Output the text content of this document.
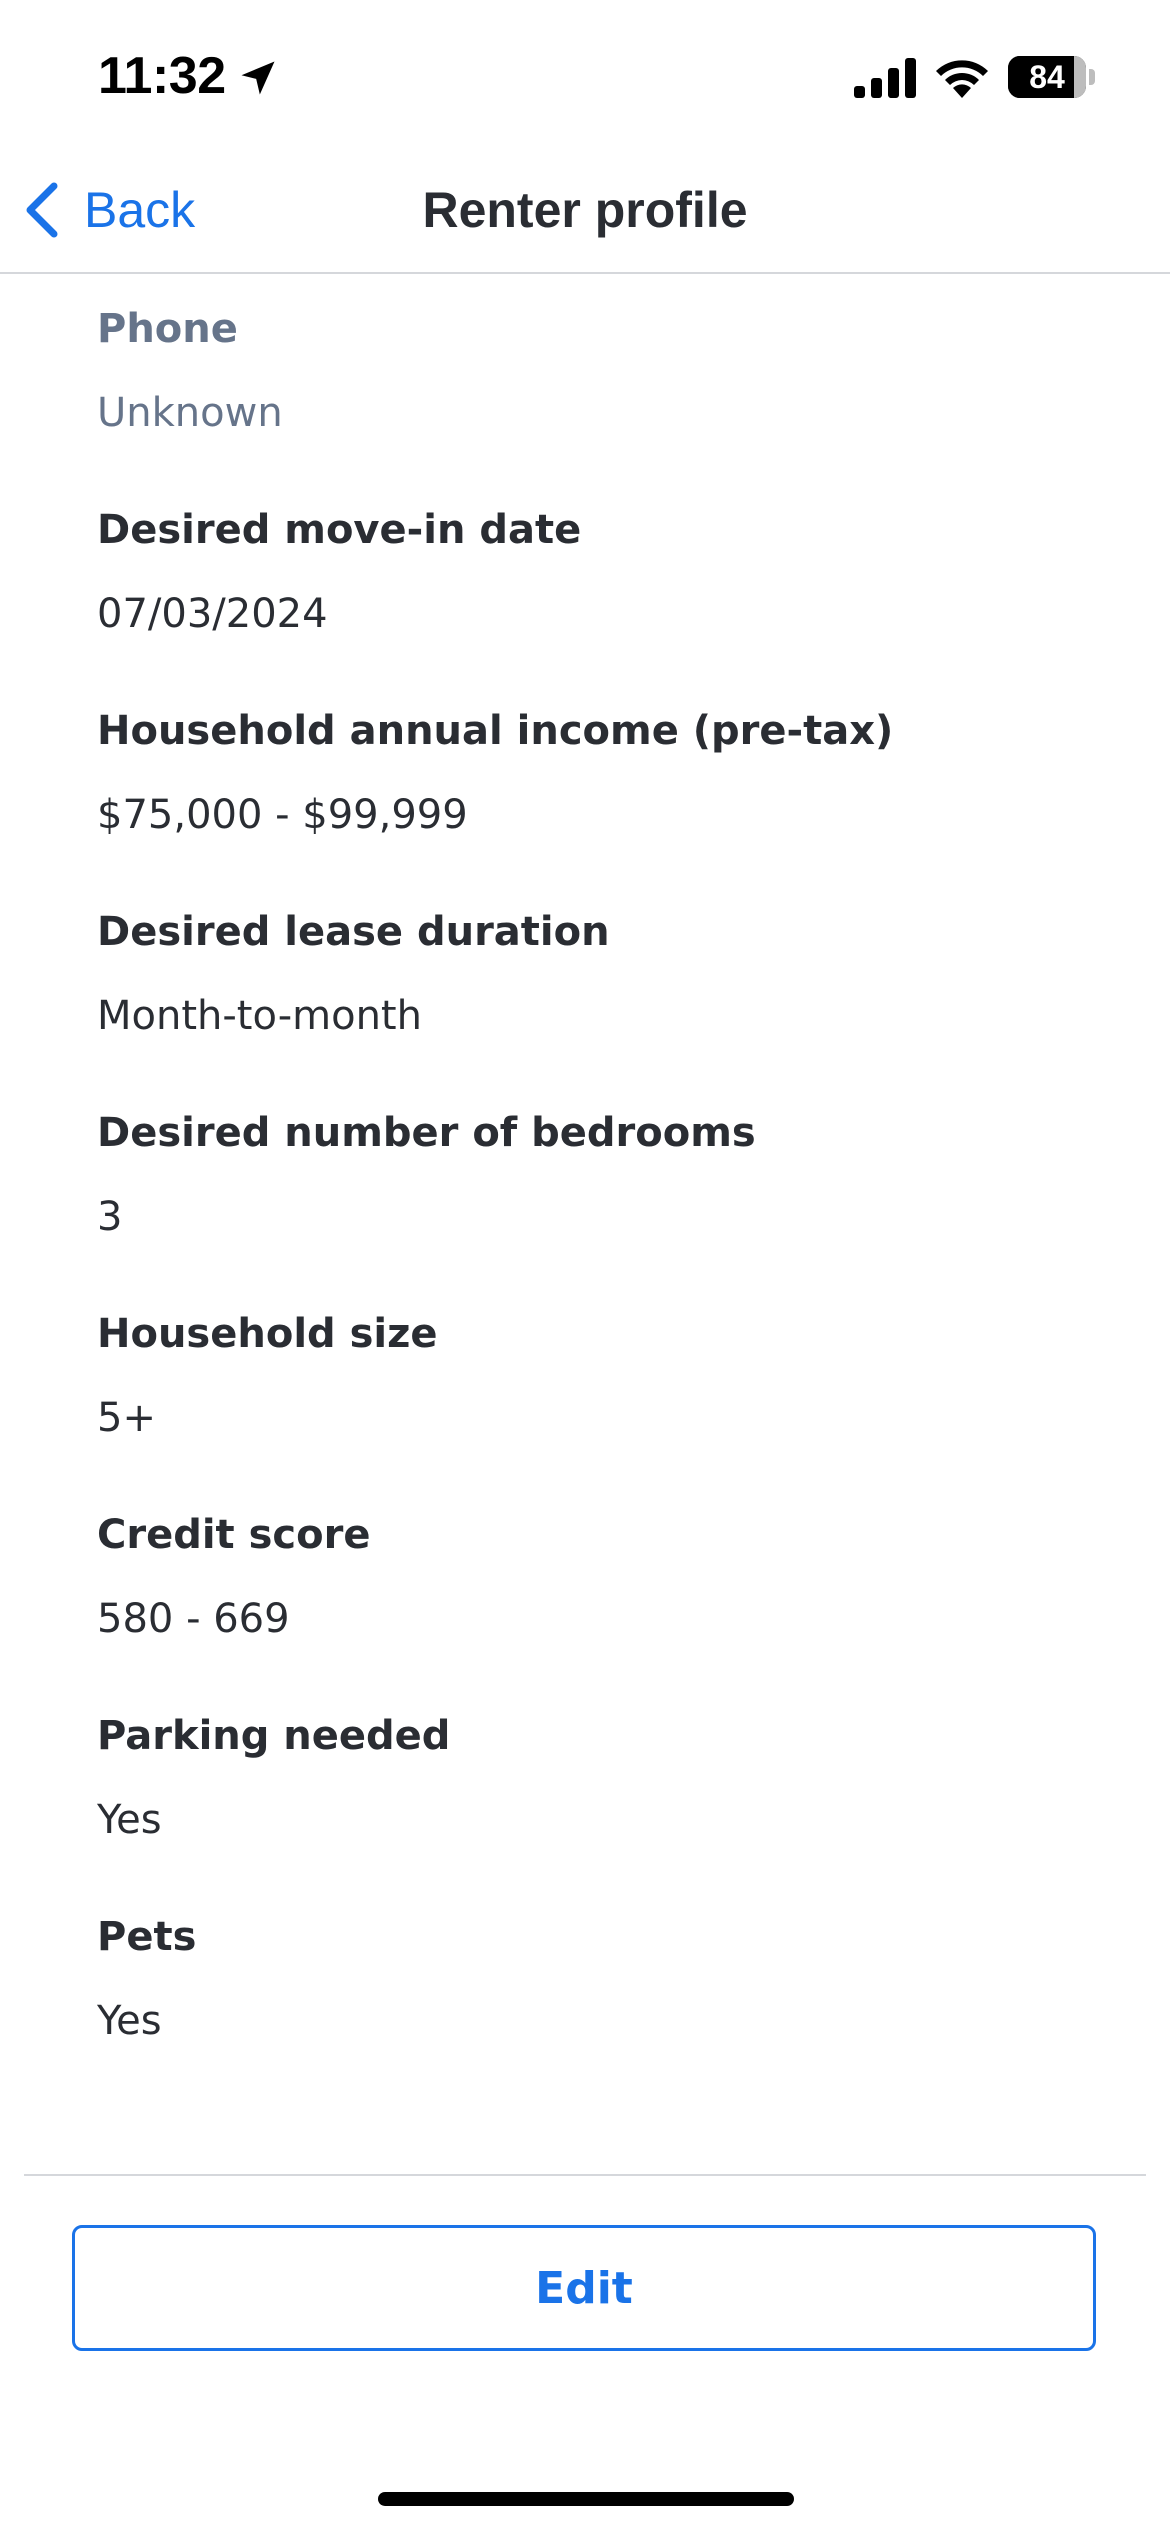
11:32	84
Back	Renter profile
Phone
Unknown
Desired move-in date
07/03/2024
Household annual income (pre-tax)
$75,000 - $99,999
Desired lease duration
Month-to-month
Desired number of bedrooms
3
Household size
5+
Credit score
580 - 669
Parking needed
Yes
Pets
Yes
Edit
